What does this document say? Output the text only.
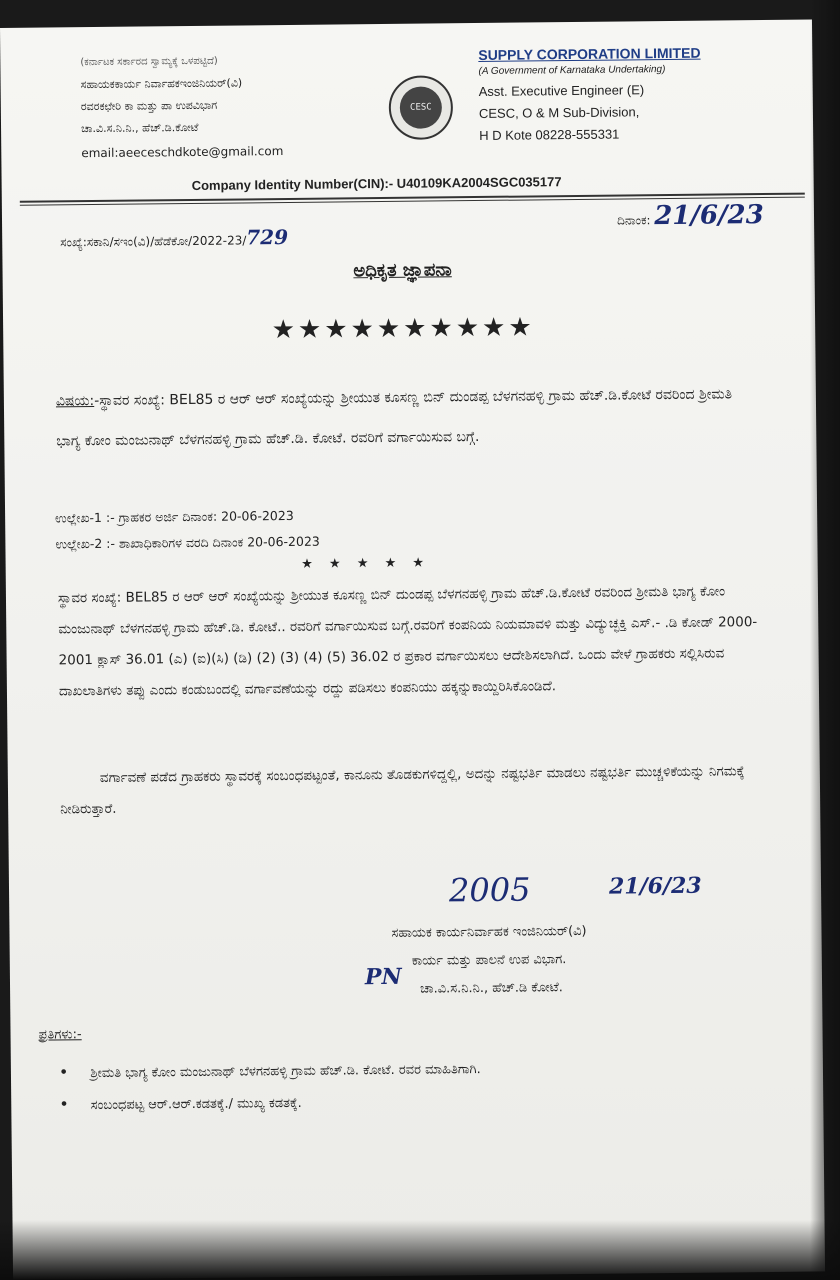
(ಕರ್ನಾಟಕ ಸರ್ಕಾರದ ಸ್ವಾಮ್ಯಕ್ಕೆ ಒಳಪಟ್ಟಿದೆ)
ಸಹಾಯಕಕಾರ್ಯ ನಿರ್ವಾಹಕಇಂಜಿನಿಯರ್(ವಿ)
ರವರಕಛೇರಿ ಕಾ ಮತ್ತು ಪಾ ಉಪವಿಭಾಗ
ಚಾ.ವಿ.ಸ.ನಿ.ನಿ., ಹೆಚ್.ಡಿ.ಕೋಟೆ
email:aeeceschdkote@gmail.com
CESC
SUPPLY CORPORATION LIMITED
(A Government of Karnataka Undertaking)
Asst. Executive Engineer (E)
CESC, O & M Sub-Division,
H D Kote 08228-555331
Company Identity Number(CIN):- U40109KA2004SGC035177
ಸಂಖ್ಯೆ:ಸಕಾನಿ/ಸಇಂ(ವಿ)/ಹೆಡೆಕೋ/2022-23/729
ದಿನಾಂಕ: 21/6/23
ಅಧಿಕೃತ ಜ್ಞಾಪನಾ
★★★★★★★★★★
ವಿಷಯ:-ಸ್ಥಾವರ ಸಂಖ್ಯೆ: BEL85 ರ ಆರ್ ಆರ್ ಸಂಖ್ಯೆಯನ್ನು ಶ್ರೀಯುತ ಕೂಸಣ್ಣ ಬಿನ್ ದುಂಡಪ್ಪ ಬೆಳಗನಹಳ್ಳಿ ಗ್ರಾಮ ಹೆಚ್.ಡಿ.ಕೋಟೆ ರವರಿಂದ ಶ್ರೀಮತಿ ಭಾಗ್ಯ ಕೋಂ ಮಂಜುನಾಥ್ ಬೆಳಗನಹಳ್ಳಿ ಗ್ರಾಮ ಹೆಚ್.ಡಿ. ಕೋಟೆ. ರವರಿಗೆ ವರ್ಗಾಯಿಸುವ ಬಗ್ಗೆ.
ಉಲ್ಲೇಖ-1 :- ಗ್ರಾಹಕರ ಅರ್ಜಿ ದಿನಾಂಕ: 20-06-2023
ಉಲ್ಲೇಖ-2 :- ಶಾಖಾಧಿಕಾರಿಗಳ ವರದಿ ದಿನಾಂಕ 20-06-2023
★ ★ ★ ★ ★
ಸ್ಥಾವರ ಸಂಖ್ಯೆ: BEL85 ರ ಆರ್ ಆರ್ ಸಂಖ್ಯೆಯನ್ನು ಶ್ರೀಯುತ ಕೂಸಣ್ಣ ಬಿನ್ ದುಂಡಪ್ಪ ಬೆಳಗನಹಳ್ಳಿ ಗ್ರಾಮ ಹೆಚ್.ಡಿ.ಕೋಟೆ ರವರಿಂದ ಶ್ರೀಮತಿ ಭಾಗ್ಯ ಕೋಂ ಮಂಜುನಾಥ್ ಬೆಳಗನಹಳ್ಳಿ ಗ್ರಾಮ ಹೆಚ್.ಡಿ. ಕೋಟೆ.. ರವರಿಗೆ ವರ್ಗಾಯಿಸುವ ಬಗ್ಗೆ.ರವರಿಗೆ ಕಂಪನಿಯ ನಿಯಮಾವಳಿ ಮತ್ತು ವಿದ್ಯುಚ್ಛಕ್ತಿ ಎಸ್.- .ಡಿ ಕೋಡ್ 2000-2001 ಕ್ಲಾಸ್ 36.01 (ಎ) (ಐ)(ಸಿ) (ಡಿ) (2) (3) (4) (5) 36.02 ರ ಪ್ರಕಾರ ವರ್ಗಾಯಿಸಲು ಆದೇಶಿಸಲಾಗಿದೆ. ಒಂದು ವೇಳೆ ಗ್ರಾಹಕರು ಸಲ್ಲಿಸಿರುವ ದಾಖಲಾತಿಗಳು ತಪ್ಪು ಎಂದು ಕಂಡುಬಂದಲ್ಲಿ ವರ್ಗಾವಣೆಯನ್ನು ರದ್ದು ಪಡಿಸಲು ಕಂಪನಿಯು ಹಕ್ಕನ್ನುಕಾಯ್ದಿರಿಸಿಕೊಂಡಿದೆ.
ವರ್ಗಾವಣೆ ಪಡೆದ ಗ್ರಾಹಕರು ಸ್ಥಾವರಕ್ಕೆ ಸಂಬಂಧಪಟ್ಟಂತೆ, ಕಾನೂನು ತೊಡಕುಗಳಿದ್ದಲ್ಲಿ, ಅದನ್ನು ನಷ್ಟಭರ್ತಿ ಮಾಡಲು ನಷ್ಟಭರ್ತಿ ಮುಚ್ಚಳಿಕೆಯನ್ನು ನಿಗಮಕ್ಕೆ ನೀಡಿರುತ್ತಾರೆ.
2005	21/6/23
ಸಹಾಯಕ ಕಾರ್ಯನಿರ್ವಾಹಕ ಇಂಜಿನಿಯರ್(ವಿ)
ಕಾರ್ಯ ಮತ್ತು ಪಾಲನೆ ಉಪ ವಿಭಾಗ.
ಚಾ.ವಿ.ಸ.ನಿ.ನಿ., ಹೆಚ್.ಡಿ ಕೋಟೆ.
PN
ಪ್ರತಿಗಳು:-
• ಶ್ರೀಮತಿ ಭಾಗ್ಯ ಕೋಂ ಮಂಜುನಾಥ್ ಬೆಳಗನಹಳ್ಳಿ ಗ್ರಾಮ ಹೆಚ್.ಡಿ. ಕೋಟೆ. ರವರ ಮಾಹಿತಿಗಾಗಿ.
• ಸಂಬಂಧಪಟ್ಟ ಆರ್.ಆರ್.ಕಡತಕ್ಕೆ./ ಮುಖ್ಯ ಕಡತಕ್ಕೆ.
